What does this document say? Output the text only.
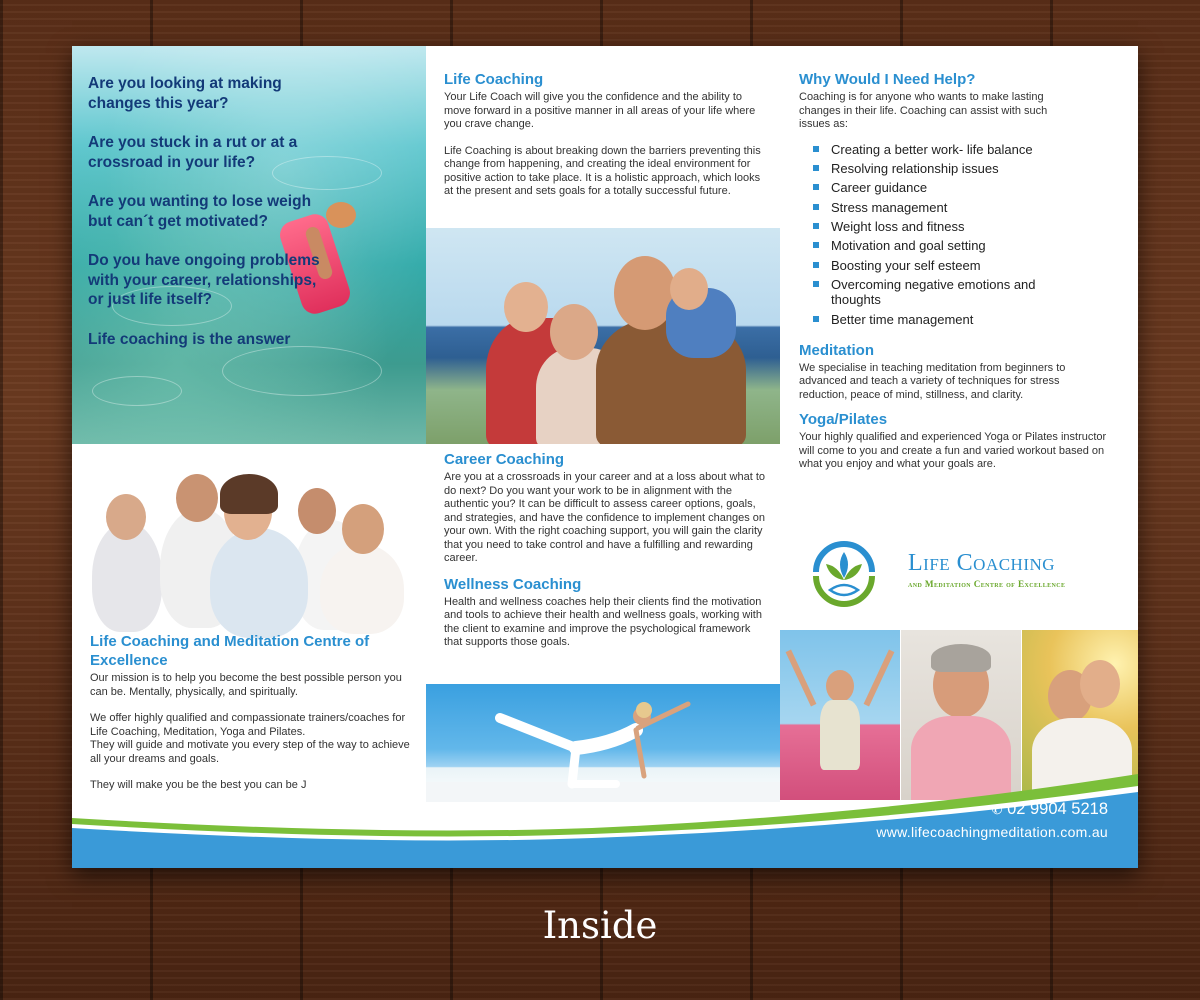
Are you looking at making changes this year?
Are you stuck in a rut or at a crossroad in your life?
Are you wanting to lose weigh but can´t get motivated?
Do you have ongoing problems with your career, relationships, or just life itself?
Life coaching is the answer
Life Coaching and Meditation Centre of Excellence

Our mission is to help you become the best possible person you can be. Mentally, physically, and spiritually.

We offer highly qualified and compassionate trainers/coaches for Life Coaching, Meditation, Yoga and Pilates.

They will guide and motivate you every step of the way to achieve all your dreams and goals.

They will make you be the best you can be J

Life Coaching

Your Life Coach will give you the confidence and the ability to move forward in a positive manner in all areas of your life where you crave change.

Life Coaching is about breaking down the barriers preventing this change from happening, and creating the ideal environment for positive action to take place. It is a holistic approach, which looks at the present and sets goals for a totally successful future.

Career Coaching

Are you at a crossroads in your career and at a loss about what to do next? Do you want your work to be in alignment with the authentic you? It can be difficult to assess career options, goals, and strategies, and have the confidence to implement changes on your own. With the right coaching support, you will gain the clarity that you need to take control and have a fulfilling and rewarding career.

Wellness Coaching

Health and wellness coaches help their clients find the motivation and tools to achieve their health and wellness goals, working with the client to examine and improve the psychological framework that supports those goals.

Why Would I Need Help?

Coaching is for anyone who wants to make lasting changes in their life. Coaching can assist with such issues as:

Creating a better work- life balance
Resolving relationship issues
Career guidance
Stress management
Weight loss and fitness
Motivation and goal setting
Boosting your self esteem
Overcoming negative emotions and thoughts
Better time management
Meditation

We specialise in teaching meditation from beginners to advanced and teach a variety of techniques for stress reduction, peace of mind, stillness, and clarity.

Yoga/Pilates

Your highly qualified and experienced Yoga or Pilates instructor will come to you and create a fun and varied workout based on what you enjoy and what your goals are.

Life Coaching
and Meditation Centre of Excellence
✆ 02 9904 5218
www.lifecoachingmeditation.com.au
Inside
